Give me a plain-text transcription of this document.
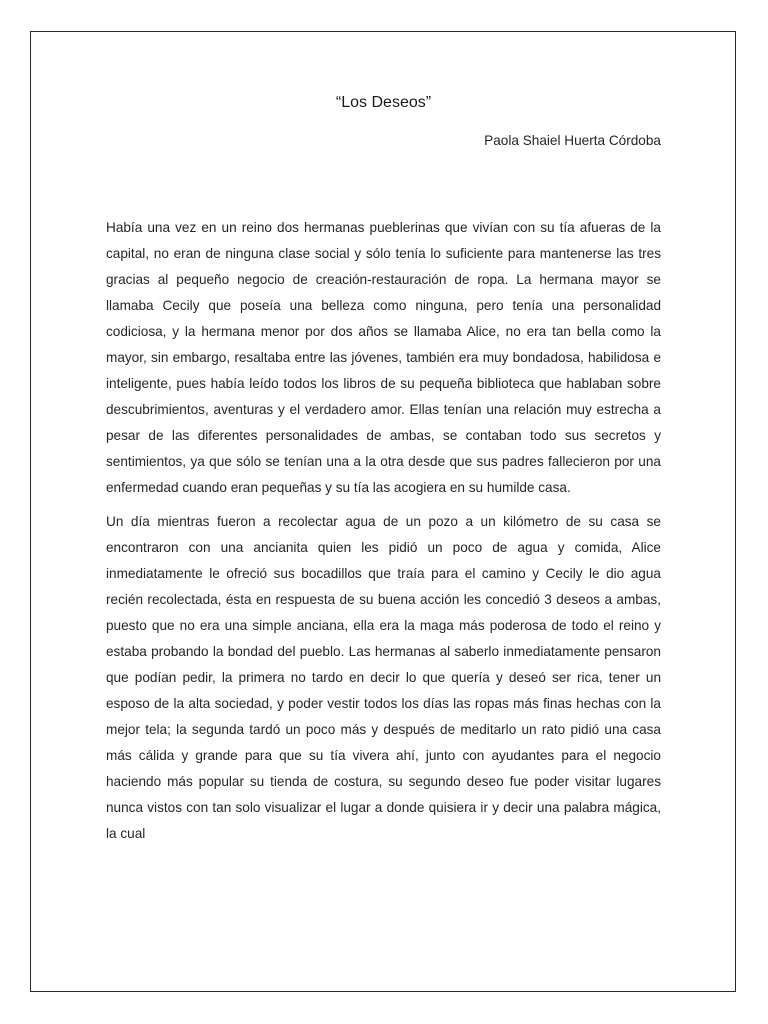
“Los Deseos”

Paola Shaiel Huerta Córdoba

Había una vez en un reino dos hermanas pueblerinas que vivían con su tía afueras de la capital, no eran de ninguna clase social y sólo tenía lo suficiente para mantenerse las tres gracias al pequeño negocio de creación-restauración de ropa. La hermana mayor se llamaba Cecily que poseía una belleza como ninguna, pero tenía una personalidad codiciosa, y la hermana menor por dos años se llamaba Alice, no era tan bella como la mayor, sin embargo, resaltaba entre las jóvenes, también era muy bondadosa, habilidosa e inteligente, pues había leído todos los libros de su pequeña biblioteca que hablaban sobre descubrimientos, aventuras y el verdadero amor. Ellas tenían una relación muy estrecha a pesar de las diferentes personalidades de ambas, se contaban todo sus secretos y sentimientos, ya que sólo se tenían una a la otra desde que sus padres fallecieron por una enfermedad cuando eran pequeñas y su tía las acogiera en su humilde casa.

Un día mientras fueron a recolectar agua de un pozo a un kilómetro de su casa se encontraron con una ancianita quien les pidió un poco de agua y comida, Alice inmediatamente le ofreció sus bocadillos que traía para el camino y Cecily le dio agua recién recolectada, ésta en respuesta de su buena acción les concedió 3 deseos a ambas, puesto que no era una simple anciana, ella era la maga más poderosa de todo el reino y estaba probando la bondad del pueblo. Las hermanas al saberlo inmediatamente pensaron que podían pedir, la primera no tardo en decir lo que quería y deseó ser rica, tener un esposo de la alta sociedad, y poder vestir todos los días las ropas más finas hechas con la mejor tela; la segunda tardó un poco más y después de meditarlo un rato pidió una casa más cálida y grande para que su tía vivera ahí, junto con ayudantes para el negocio haciendo más popular su tienda de costura, su segundo deseo fue poder visitar lugares nunca vistos con tan solo visualizar el lugar a donde quisiera ir y decir una palabra mágica, la cual
